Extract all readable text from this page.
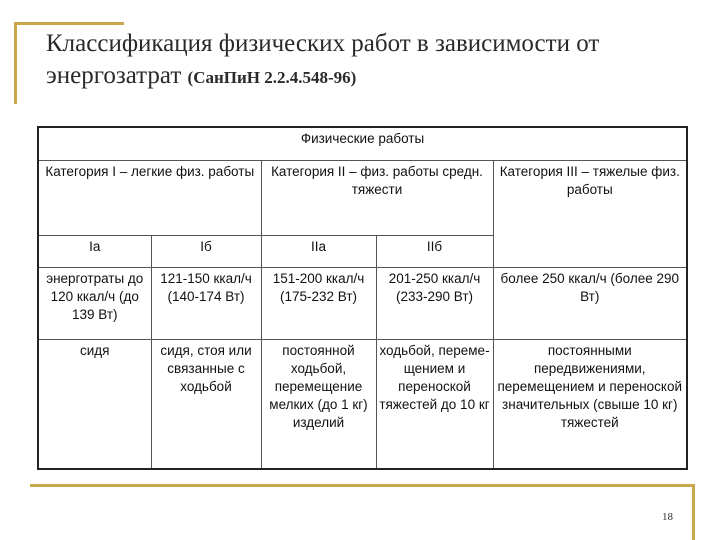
Классификация физических работ в зависимости от
энергозатрат (СанПиН 2.2.4.548-96)
Физические работы				
Категория I – легкие физ. работы		Категория II – физ. работы средн. тяжести		Категория III – тяжелые физ. работы
Ia	Iб	IIa	IIб	
энерготраты до 120 ккал/ч (до 139 Вт)	121-150 ккал/ч (140-174 Вт)	151-200 ккал/ч (175-232 Вт)	201-250 ккал/ч (233-290 Вт)	более 250 ккал/ч (более 290 Вт)
сидя	сидя, стоя или связанные с ходьбой	постоянной ходьбой, перемещение мелких (до 1 кг) изделий	ходьбой, переме-щением и переноской тяжестей до 10 кг	постоянными передвижениями, перемещением и переноской значительных (свыше 10 кг) тяжестей
18
